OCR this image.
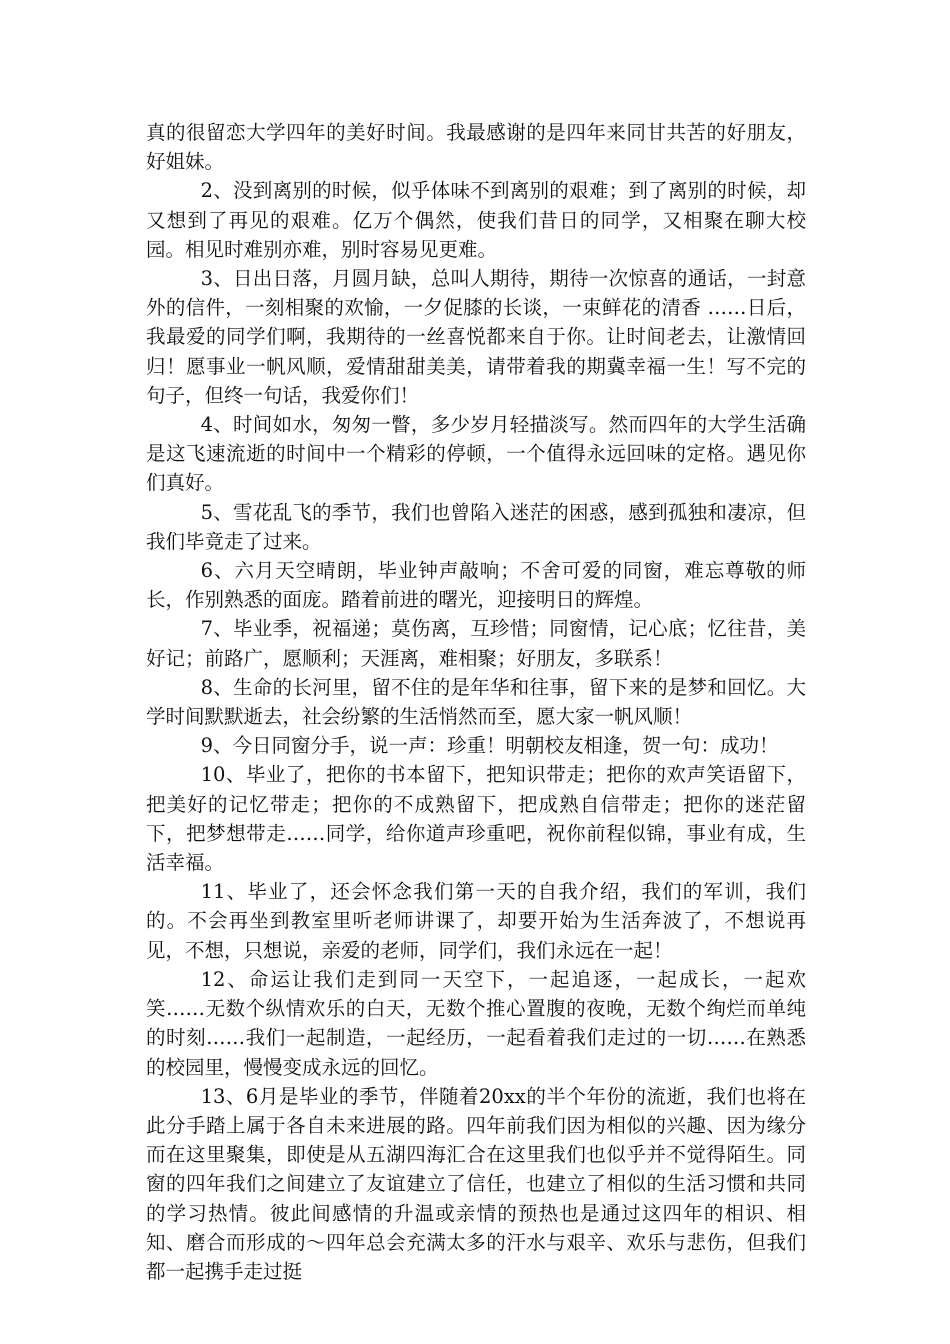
真的很留恋大学四年的美好时间。我最感谢的是四年来同甘共苦的好朋友，好姐妹。

2、没到离别的时候，似乎体味不到离别的艰难；到了离别的时候，却又想到了再见的艰难。亿万个偶然，使我们昔日的同学，又相聚在聊大校园。相见时难别亦难，别时容易见更难。

3、日出日落，月圆月缺，总叫人期待，期待一次惊喜的通话，一封意外的信件，一刻相聚的欢愉，一夕促膝的长谈，一束鲜花的清香 ……日后，我最爱的同学们啊，我期待的一丝喜悦都来自于你。让时间老去，让激情回归！愿事业一帆风顺，爱情甜甜美美，请带着我的期冀幸福一生！写不完的句子，但终一句话，我爱你们！

4、时间如水，匆匆一瞥，多少岁月轻描淡写。然而四年的大学生活确是这飞速流逝的时间中一个精彩的停顿，一个值得永远回味的定格。遇见你们真好。

5、雪花乱飞的季节，我们也曾陷入迷茫的困惑，感到孤独和凄凉，但我们毕竟走了过来。

6、六月天空晴朗，毕业钟声敲响；不舍可爱的同窗，难忘尊敬的师长，作别熟悉的面庞。踏着前进的曙光，迎接明日的辉煌。

7、毕业季，祝福递；莫伤离，互珍惜；同窗情，记心底；忆往昔，美好记；前路广，愿顺利；天涯离，难相聚；好朋友，多联系！

8、生命的长河里，留不住的是年华和往事，留下来的是梦和回忆。大学时间默默逝去，社会纷繁的生活悄然而至，愿大家一帆风顺！

9、今日同窗分手，说一声：珍重！明朝校友相逢，贺一句：成功！

10、毕业了，把你的书本留下，把知识带走；把你的欢声笑语留下，把美好的记忆带走；把你的不成熟留下，把成熟自信带走；把你的迷茫留下，把梦想带走……同学，给你道声珍重吧，祝你前程似锦，事业有成，生活幸福。

11、毕业了，还会怀念我们第一天的自我介绍，我们的军训，我们的。不会再坐到教室里听老师讲课了，却要开始为生活奔波了，不想说再见，不想，只想说，亲爱的老师，同学们，我们永远在一起！

12、命运让我们走到同一天空下，一起追逐，一起成长，一起欢笑……无数个纵情欢乐的白天，无数个推心置腹的夜晚，无数个绚烂而单纯的时刻……我们一起制造，一起经历，一起看着我们走过的一切……在熟悉的校园里，慢慢变成永远的回忆。

13、6月是毕业的季节，伴随着20xx的半个年份的流逝，我们也将在此分手踏上属于各自未来进展的路。四年前我们因为相似的兴趣、因为缘分而在这里聚集，即使是从五湖四海汇合在这里我们也似乎并不觉得陌生。同窗的四年我们之间建立了友谊建立了信任，也建立了相似的生活习惯和共同的学习热情。彼此间感情的升温或亲情的预热也是通过这四年的相识、相知、磨合而形成的～四年总会充满太多的汗水与艰辛、欢乐与悲伤，但我们都一起携手走过挺
